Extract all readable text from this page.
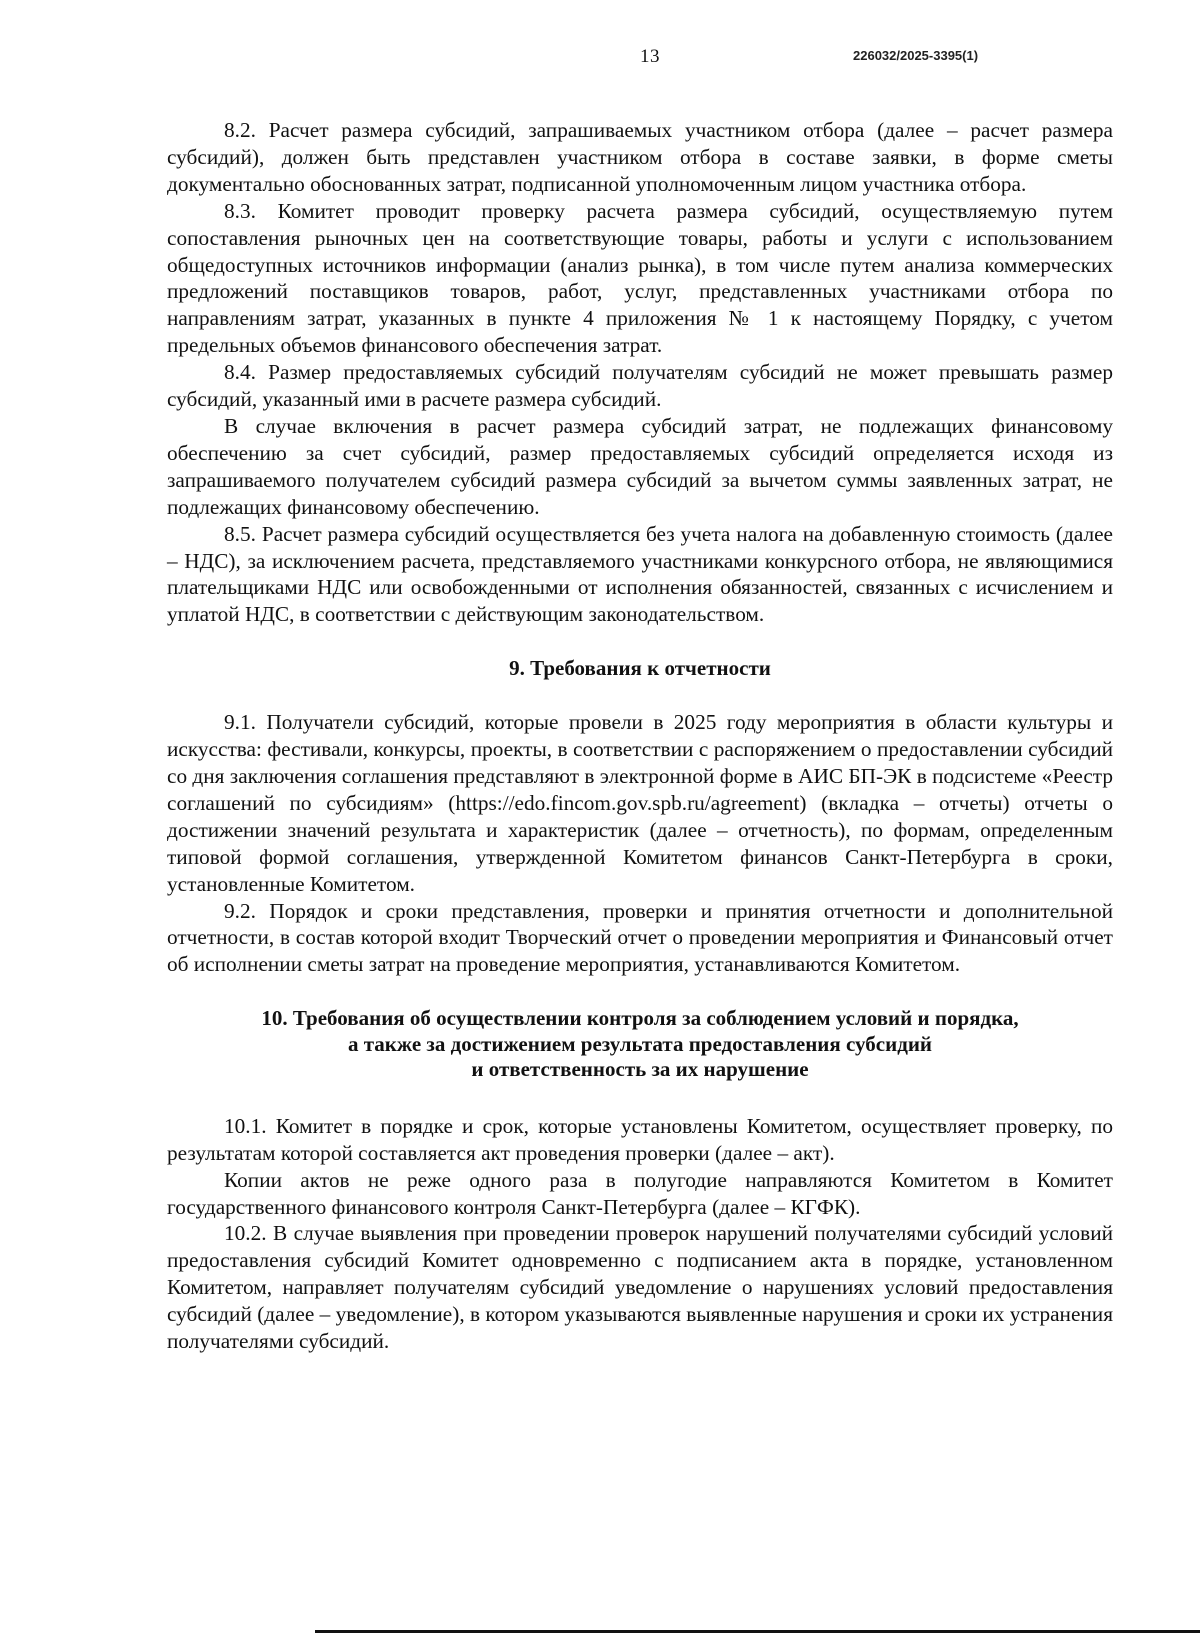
13	226032/2025-3395(1)

8.2. Расчет размера субсидий, запрашиваемых участником отбора (далее – расчет размера субсидий), должен быть представлен участником отбора в составе заявки, в форме сметы документально обоснованных затрат, подписанной уполномоченным лицом участника отбора.

8.3. Комитет проводит проверку расчета размера субсидий, осуществляемую путем сопоставления рыночных цен на соответствующие товары, работы и услуги с использованием общедоступных источников информации (анализ рынка), в том числе путем анализа коммерческих предложений поставщиков товаров, работ, услуг, представленных участниками отбора по направлениям затрат, указанных в пункте 4 приложения № 1 к настоящему Порядку, с учетом предельных объемов финансового обеспечения затрат.

8.4. Размер предоставляемых субсидий получателям субсидий не может превышать размер субсидий, указанный ими в расчете размера субсидий.

В случае включения в расчет размера субсидий затрат, не подлежащих финансовому обеспечению за счет субсидий, размер предоставляемых субсидий определяется исходя из запрашиваемого получателем субсидий размера субсидий за вычетом суммы заявленных затрат, не подлежащих финансовому обеспечению.

8.5. Расчет размера субсидий осуществляется без учета налога на добавленную стоимость (далее – НДС), за исключением расчета, представляемого участниками конкурсного отбора, не являющимися плательщиками НДС или освобожденными от исполнения обязанностей, связанных с исчислением и уплатой НДС, в соответствии с действующим законодательством.

9. Требования к отчетности

9.1. Получатели субсидий, которые провели в 2025 году мероприятия в области культуры и искусства: фестивали, конкурсы, проекты, в соответствии с распоряжением о предоставлении субсидий со дня заключения соглашения представляют в электронной форме в АИС БП-ЭК в подсистеме «Реестр соглашений по субсидиям» (https://edo.fincom.gov.spb.ru/agreement) (вкладка – отчеты) отчеты о достижении значений результата и характеристик (далее – отчетность), по формам, определенным типовой формой соглашения, утвержденной Комитетом финансов Санкт-Петербурга в сроки, установленные Комитетом.

9.2. Порядок и сроки представления, проверки и принятия отчетности и дополнительной отчетности, в состав которой входит Творческий отчет о проведении мероприятия и Финансовый отчет об исполнении сметы затрат на проведение мероприятия, устанавливаются Комитетом.

10. Требования об осуществлении контроля за соблюдением условий и порядка,
а также за достижением результата предоставления субсидий
и ответственность за их нарушение

10.1. Комитет в порядке и срок, которые установлены Комитетом, осуществляет проверку, по результатам которой составляется акт проведения проверки (далее – акт).

Копии актов не реже одного раза в полугодие направляются Комитетом в Комитет государственного финансового контроля Санкт-Петербурга (далее – КГФК).

10.2. В случае выявления при проведении проверок нарушений получателями субсидий условий предоставления субсидий Комитет одновременно с подписанием акта в порядке, установленном Комитетом, направляет получателям субсидий уведомление о нарушениях условий предоставления субсидий (далее – уведомление), в котором указываются выявленные нарушения и сроки их устранения получателями субсидий.
